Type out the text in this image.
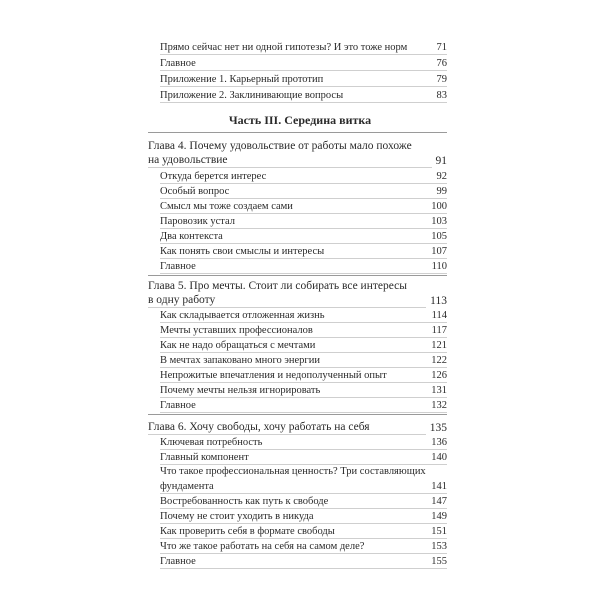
Прямо сейчас нет ни одной гипотезы? И это тоже норм	71
Главное	76
Приложение 1. Карьерный прототип	79
Приложение 2. Заклинивающие вопросы	83
Часть III. Середина витка
Глава 4. Почему удовольствие от работы мало похоже
на удовольствие	91
Откуда берется интерес	92
Особый вопрос	99
Смысл мы тоже создаем сами	100
Паровозик устал	103
Два контекста	105
Как понять свои смыслы и интересы	107
Главное	110
Глава 5. Про мечты. Стоит ли собирать все интересы
в одну работу	113
Как складывается отложенная жизнь	114
Мечты уставших профессионалов	117
Как не надо обращаться с мечтами	121
В мечтах запаковано много энергии	122
Непрожитые впечатления и недополученный опыт	126
Почему мечты нельзя игнорировать	131
Главное	132
Глава 6. Хочу свободы, хочу работать на себя	135
Ключевая потребность	136
Главный компонент	140
Что такое профессиональная ценность? Три составляющих
фундамента	141
Востребованность как путь к свободе	147
Почему не стоит уходить в никуда	149
Как проверить себя в формате свободы	151
Что же такое работать на себя на самом деле?	153
Главное	155
